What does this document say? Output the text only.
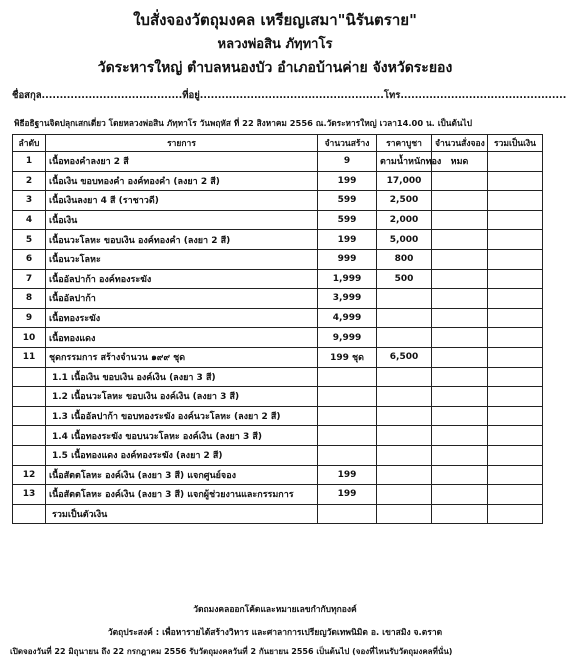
ใบสั่งจองวัตถุมงคล เหรียญเสมา"นิรันตราย"
หลวงพ่อสิน ภัทฺทาโร
วัดระหารใหญ่ ตำบลหนองบัว อำเภอบ้านค่าย จังหวัดระยอง
ชื่อสกุล.......................................ที่อยู่...................................................โทร..............................................
พิธีอธิฐานจิตปลุกเสกเดี่ยว โดยหลวงพ่อสิน ภัทฺทาโร วันพฤหัส ที่ 22 สิงหาคม 2556 ณ.วัดระหารใหญ่ เวลา14.00 น. เป็นต้นไป
ลำดับ	รายการ	จำนวนสร้าง	ราคาบูชา	จำนวนสั่งจอง	รวมเป็นเงิน
1	เนื้อทองคำลงยา 2 สี	9	ตามน้ำหนักทอง	หมด	
2	เนื้อเงิน ขอบทองคำ องค์ทองคำ (ลงยา 2 สี)	199	17,000		
3	เนื้อเงินลงยา 4 สี (ราชาวดี)	599	2,500		
4	เนื้อเงิน	599	2,000		
5	เนื้อนวะโลหะ ขอบเงิน องค์ทองคำ (ลงยา 2 สี)	199	5,000		
6	เนื้อนวะโลหะ	999	800		
7	เนื้ออัลปาก้า องค์ทองระฆัง	1,999	500		
8	เนื้ออัลปาก้า	3,999			
9	เนื้อทองระฆัง	4,999			
10	เนื้อทองแดง	9,999			
11	ชุดกรรมการ สร้างจำนวน ๑๙๙ ชุด	199 ชุด	6,500		
	1.1 เนื้อเงิน ขอบเงิน องค์เงิน (ลงยา 3 สี)				
	1.2 เนื้อนวะโลหะ ขอบเงิน องค์เงิน (ลงยา 3 สี)				
	1.3 เนื้ออัลปาก้า ขอบทองระฆัง องค์นวะโลหะ (ลงยา 2 สี)				
	1.4 เนื้อทองระฆัง ขอบนวะโลหะ องค์เงิน (ลงยา 3 สี)				
	1.5 เนื้อทองแดง องค์ทองระฆัง (ลงยา 2 สี)				
12	เนื้อสัตตโลหะ องค์เงิน (ลงยา 3 สี) แจกศูนย์จอง	199			
13	เนื้อสัตตโลหะ องค์เงิน (ลงยา 3 สี) แจกผู้ช่วยงานและกรรมการ	199			
	รวมเป็นตัวเงิน				
วัดถมงคลออกโค้ดและหมายเลขกำกับทุกองค์
วัตถุประสงค์ : เพื่อหารายได้สร้างวิหาร และศาลาการเปรียญวัดเทพนิมิต อ. เขาสมิง จ.ตราด
เปิดจองวันที่ 22 มิถุนายน ถึง 22 กรกฎาคม 2556 รับวัตถุมงคลวันที่ 2 กันยายน 2556 เป็นต้นไป (จองที่ไหนรับวัตถุมงคลที่นั่น)
